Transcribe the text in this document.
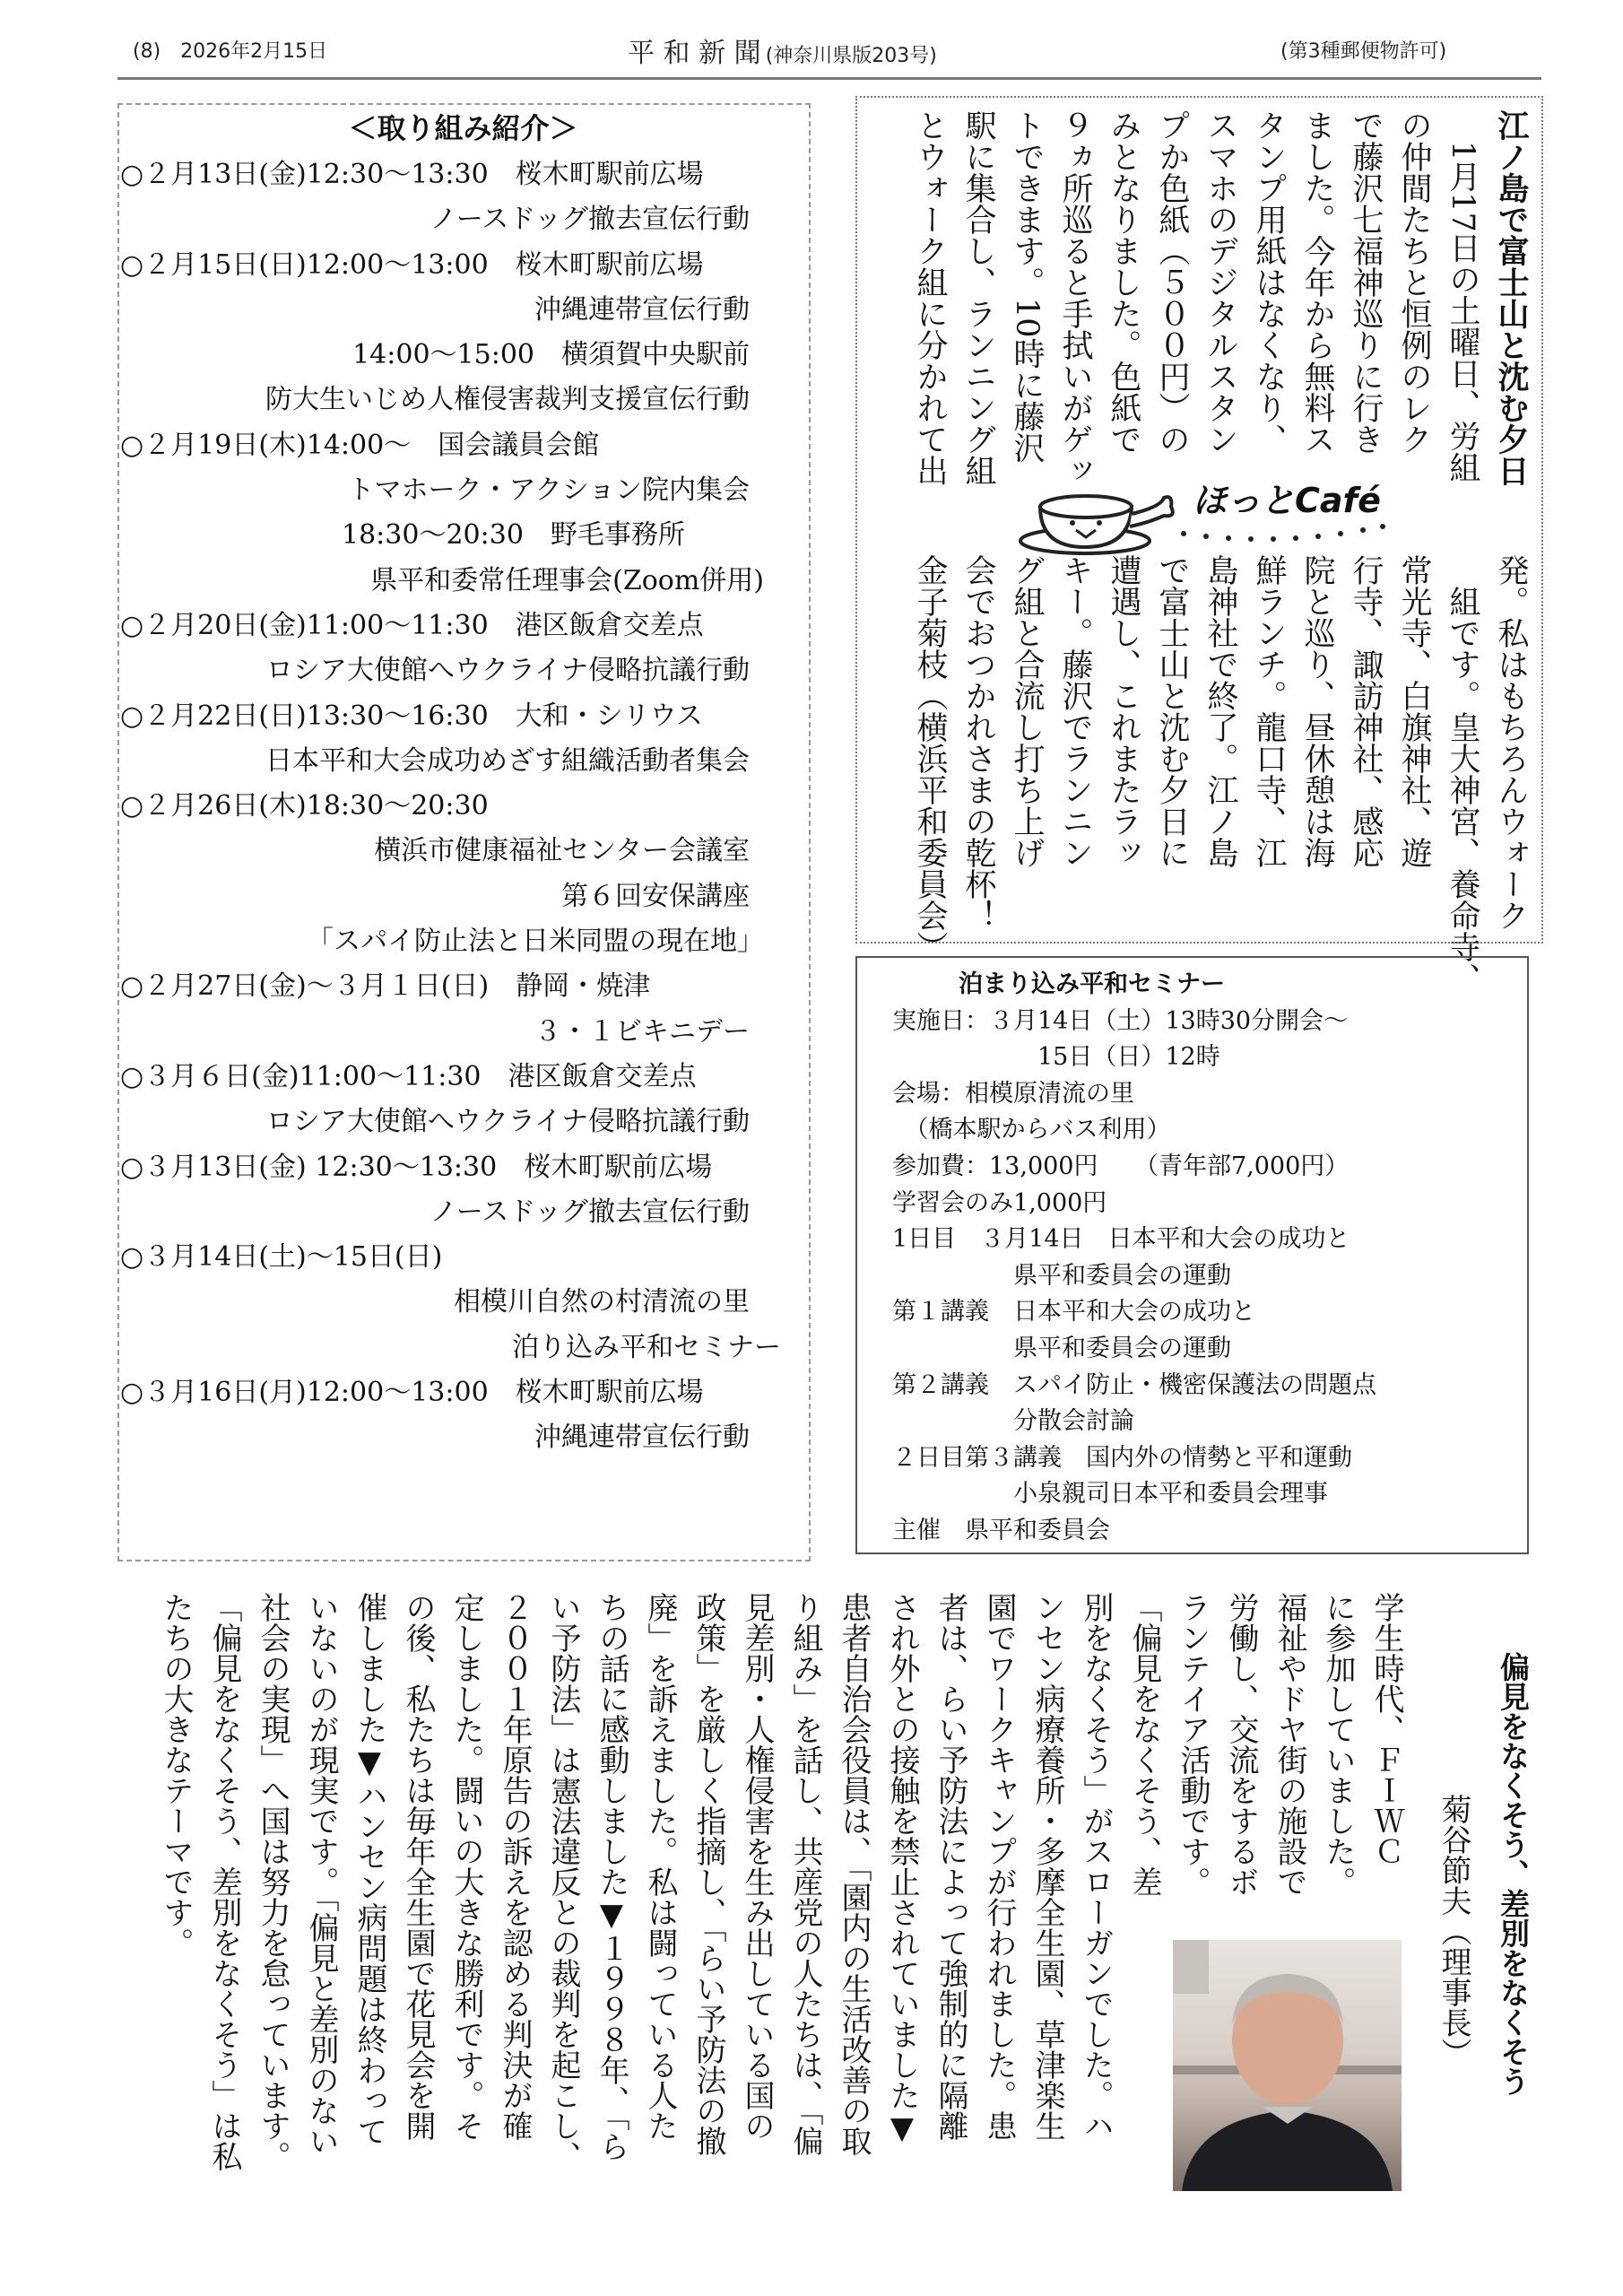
(8)　2026年2月15日	平 和 新 聞 (神奈川県版203号)	(第3種郵便物許可)
＜取り組み紹介＞
○２月13日(金)12:30～13:30　桜木町駅前広場
ノースドッグ撤去宣伝行動
○２月15日(日)12:00～13:00　桜木町駅前広場
沖縄連帯宣伝行動
14:00～15:00　横須賀中央駅前
防大生いじめ人権侵害裁判支援宣伝行動
○２月19日(木)14:00～　国会議員会館
トマホーク・アクション院内集会
18:30～20:30　野毛事務所
県平和委常任理事会(Zoom併用)
○２月20日(金)11:00～11:30　港区飯倉交差点
ロシア大使館へウクライナ侵略抗議行動
○２月22日(日)13:30～16:30　大和・シリウス
日本平和大会成功めざす組織活動者集会
○２月26日(木)18:30～20:30
横浜市健康福祉センター会議室
第６回安保講座
「スパイ防止法と日米同盟の現在地」
○２月27日(金)～３月１日(日)　静岡・焼津
３・１ビキニデー
○３月６日(金)11:00～11:30　港区飯倉交差点
ロシア大使館へウクライナ侵略抗議行動
○３月13日(金) 12:30～13:30　桜木町駅前広場
ノースドッグ撤去宣伝行動
○３月14日(土)～15日(日)
相模川自然の村清流の里
泊り込み平和セミナー
○３月16日(月)12:00～13:00　桜木町駅前広場
沖縄連帯宣伝行動
江ノ島で富士山と沈む夕日
1月17日の土曜日、労組
の仲間たちと恒例のレク
で藤沢七福神巡りに行き
ました。今年から無料ス
タンプ用紙はなくなり、
スマホのデジタルスタン
プか色紙（５００円）の
みとなりました。色紙で
９ヵ所巡ると手拭いがゲッ
トできます。10時に藤沢
駅に集合し、ランニング組
とウォーク組に分かれて出
ほっとCafé
発。私はもちろんウォーク
組です。皇大神宮、養命寺、
常光寺、白旗神社、遊
行寺、諏訪神社、感応
院と巡り、昼休憩は海
鮮ランチ。龍口寺、江
島神社で終了。江ノ島
で富士山と沈む夕日に
遭遇し、これまたラッ
キー。藤沢でランニン
グ組と合流し打ち上げ
会でおつかれさまの乾杯！
金子菊枝（横浜平和委員会）
泊まり込み平和セミナー
実施日：３月14日（土）13時30分開会～
　　　　　　15日（日）12時
会場：相模原清流の里
　（橋本駅からバス利用）
参加費：13,000円　　（青年部7,000円）
学習会のみ1,000円
1日目　３月14日　日本平和大会の成功と
　　　　　県平和委員会の運動
第１講義　日本平和大会の成功と
　　　　　県平和委員会の運動
第２講義　スパイ防止・機密保護法の問題点
　　　　　分散会討論
２日目第３講義　国内外の情勢と平和運動
　　　　　小泉親司日本平和委員会理事
主催　県平和委員会
偏見をなくそう、差別をなくそう
菊谷節夫（理事長）
学生時代、ＦＩＷＣ
に参加していました。
福祉やドヤ街の施設で
労働し、交流をするボ
ランテイア活動です。
「偏見をなくそう、差
別をなくそう」がスローガンでした。ハ
ンセン病療養所・多摩全生園、草津楽生
園でワークキャンプが行われました。患
者は、らい予防法によって強制的に隔離
され外との接触を禁止されていました▼
患者自治会役員は、「園内の生活改善の取
り組み」を話し、共産党の人たちは、「偏
見差別・人権侵害を生み出している国の
政策」を厳しく指摘し、「らい予防法の撤
廃」を訴えました。私は闘っている人た
ちの話に感動しました▼１９９８年、「ら
い予防法」は憲法違反との裁判を起こし、
２００１年原告の訴えを認める判決が確
定しました。闘いの大きな勝利です。そ
の後、私たちは毎年全生園で花見会を開
催しました▼ハンセン病問題は終わって
いないのが現実です。「偏見と差別のない
社会の実現」へ国は努力を怠っています。
「偏見をなくそう、差別をなくそう」は私
たちの大きなテーマです。
